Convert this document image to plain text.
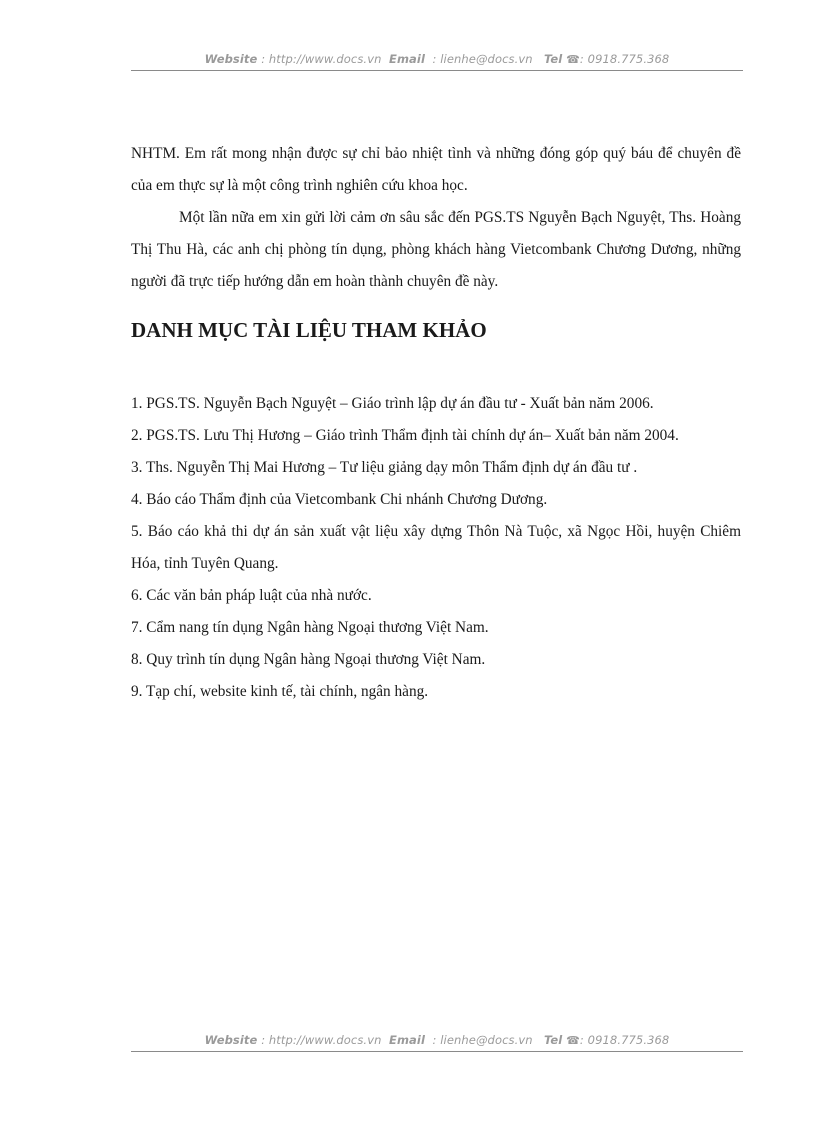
Website : http://www.docs.vn Email : lienhe@docs.vn Tel ☎: 0918.775.368
NHTM. Em rất mong nhận được sự chỉ bảo nhiệt tình và những đóng góp quý báu để chuyên đề của em thực sự là một công trình nghiên cứu khoa học.
Một lần nữa em xin gửi lời cảm ơn sâu sắc đến PGS.TS Nguyễn Bạch Nguyệt, Ths. Hoàng Thị Thu Hà, các anh chị phòng tín dụng, phòng khách hàng Vietcombank Chương Dương, những người đã trực tiếp hướng dẫn em hoàn thành chuyên đề này.
DANH MỤC TÀI LIỆU THAM KHẢO
1. PGS.TS. Nguyễn Bạch Nguyệt – Giáo trình lập dự án đầu tư - Xuất bản năm 2006.
2. PGS.TS. Lưu Thị Hương – Giáo trình Thẩm định tài chính dự án– Xuất bản năm 2004.
3. Ths. Nguyễn Thị Mai Hương – Tư liệu giảng dạy môn Thẩm định dự án đầu tư .
4. Báo cáo Thẩm định của Vietcombank Chi nhánh Chương Dương.
5. Báo cáo khả thi dự án sản xuất vật liệu xây dựng Thôn Nà Tuộc, xã Ngọc Hồi, huyện Chiêm Hóa, tỉnh Tuyên Quang.
6. Các văn bản pháp luật của nhà nước.
7. Cẩm nang tín dụng Ngân hàng Ngoại thương Việt Nam.
8. Quy trình tín dụng Ngân hàng Ngoại thương Việt Nam.
9. Tạp chí, website kinh tế, tài chính, ngân hàng.
Website : http://www.docs.vn Email : lienhe@docs.vn Tel ☎: 0918.775.368
